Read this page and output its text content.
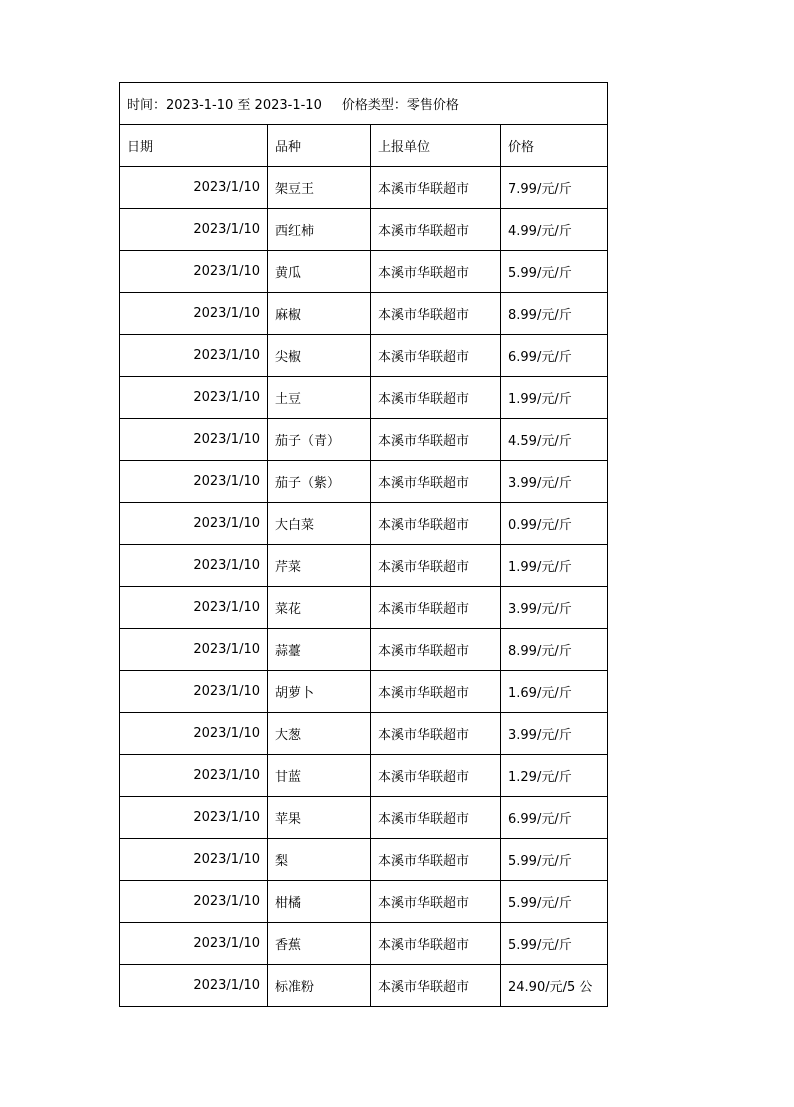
时间：2023-1-10 至 2023-1-10 价格类型：零售价格			
日期	品种	上报单位	价格
2023/1/10	架豆王	本溪市华联超市	7.99/元/斤
2023/1/10	西红柿	本溪市华联超市	4.99/元/斤
2023/1/10	黄瓜	本溪市华联超市	5.99/元/斤
2023/1/10	麻椒	本溪市华联超市	8.99/元/斤
2023/1/10	尖椒	本溪市华联超市	6.99/元/斤
2023/1/10	土豆	本溪市华联超市	1.99/元/斤
2023/1/10	茄子（青）	本溪市华联超市	4.59/元/斤
2023/1/10	茄子（紫）	本溪市华联超市	3.99/元/斤
2023/1/10	大白菜	本溪市华联超市	0.99/元/斤
2023/1/10	芹菜	本溪市华联超市	1.99/元/斤
2023/1/10	菜花	本溪市华联超市	3.99/元/斤
2023/1/10	蒜薹	本溪市华联超市	8.99/元/斤
2023/1/10	胡萝卜	本溪市华联超市	1.69/元/斤
2023/1/10	大葱	本溪市华联超市	3.99/元/斤
2023/1/10	甘蓝	本溪市华联超市	1.29/元/斤
2023/1/10	苹果	本溪市华联超市	6.99/元/斤
2023/1/10	梨	本溪市华联超市	5.99/元/斤
2023/1/10	柑橘	本溪市华联超市	5.99/元/斤
2023/1/10	香蕉	本溪市华联超市	5.99/元/斤
2023/1/10	标准粉	本溪市华联超市	24.90/元/5 公
